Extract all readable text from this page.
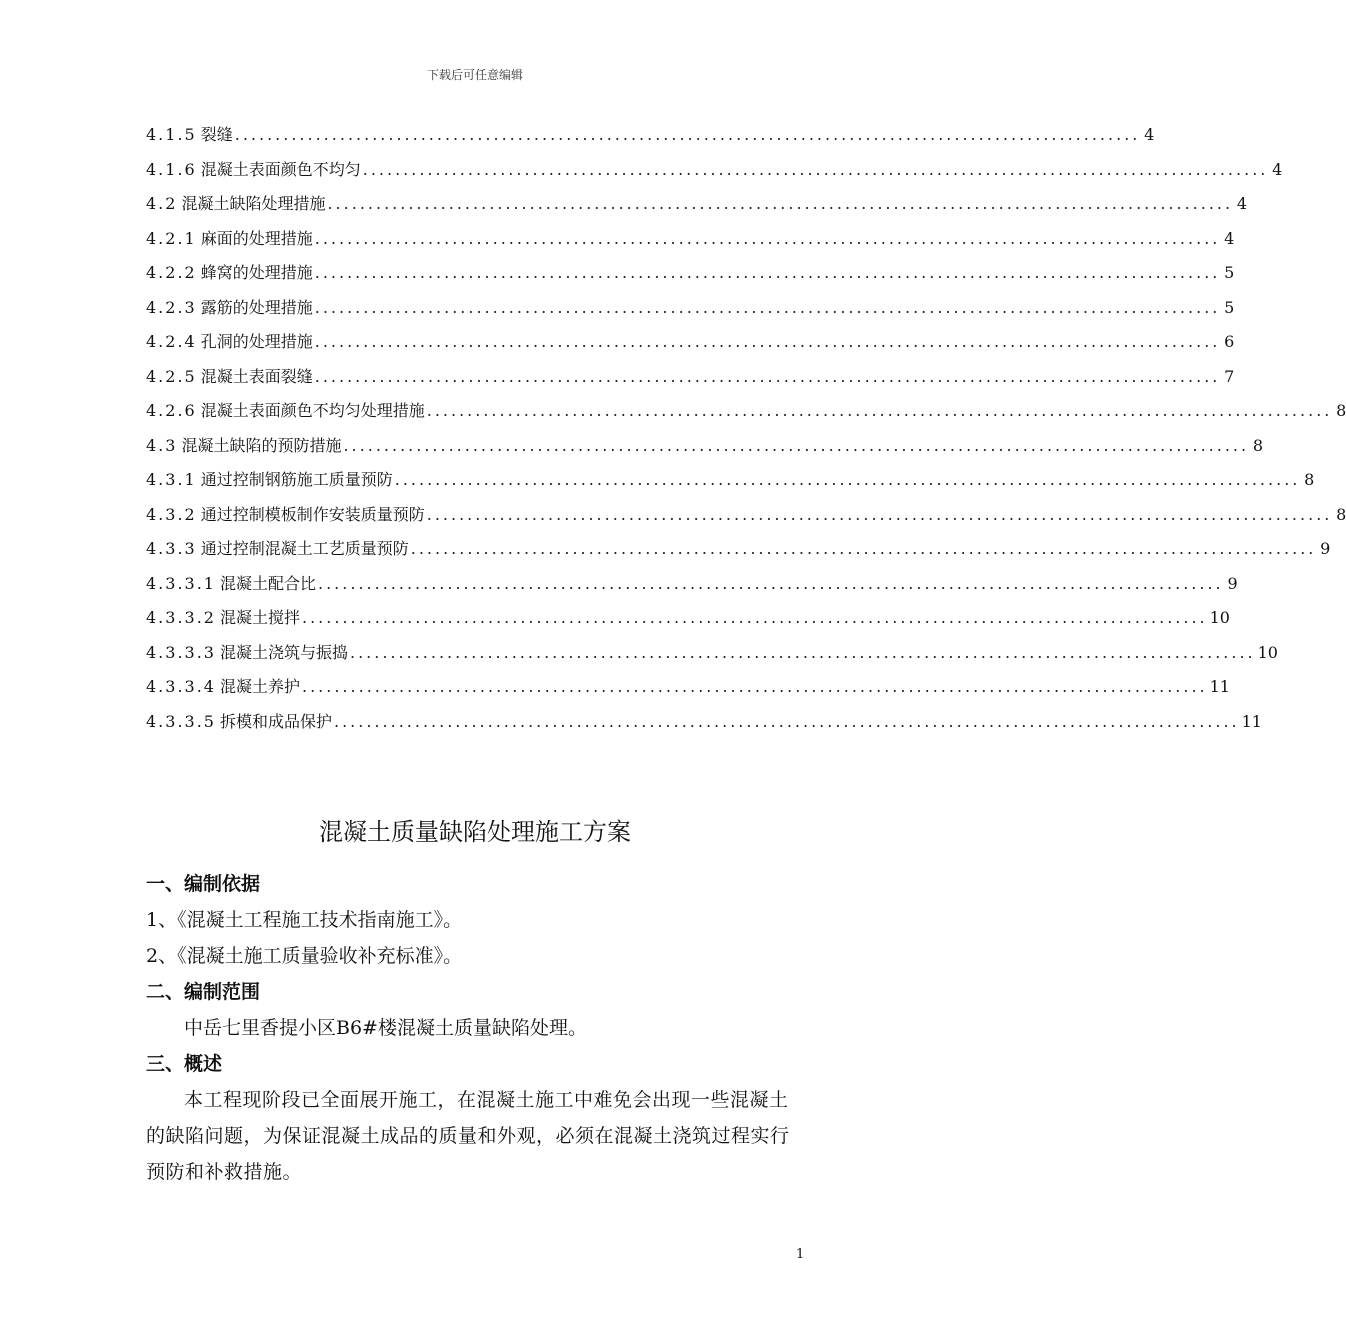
下载后可任意编辑
4.1.5 裂缝 ................................................................................................................ 4
4.1.6 混凝土表面颜色不均匀 ................................................................................................................ 4
4.2 混凝土缺陷处理措施 ................................................................................................................ 4
4.2.1 麻面的处理措施 ................................................................................................................ 4
4.2.2 蜂窝的处理措施 ................................................................................................................ 5
4.2.3 露筋的处理措施 ................................................................................................................ 5
4.2.4 孔洞的处理措施 ................................................................................................................ 6
4.2.5 混凝土表面裂缝 ................................................................................................................ 7
4.2.6 混凝土表面颜色不均匀处理措施 ................................................................................................................ 8
4.3 混凝土缺陷的预防措施 ................................................................................................................ 8
4.3.1 通过控制钢筋施工质量预防 ................................................................................................................ 8
4.3.2 通过控制模板制作安装质量预防 ................................................................................................................ 8
4.3.3 通过控制混凝土工艺质量预防 ................................................................................................................ 9
4.3.3.1 混凝土配合比 ................................................................................................................ 9
4.3.3.2 混凝土搅拌 ................................................................................................................ 10
4.3.3.3 混凝土浇筑与振捣 ................................................................................................................ 10
4.3.3.4 混凝土养护 ................................................................................................................ 11
4.3.3.5 拆模和成品保护 ................................................................................................................ 11
混凝土质量缺陷处理施工方案
一、编制依据
1、《混凝土工程施工技术指南施工》。
2、《混凝土施工质量验收补充标准》。
二、编制范围
中岳七里香提小区B6#楼混凝土质量缺陷处理。
三、概述
本工程现阶段已全面展开施工，在混凝土施工中难免会出现一些混凝土的缺陷问题，为保证混凝土成品的质量和外观，必须在混凝土浇筑过程实行预防和补救措施。
1
